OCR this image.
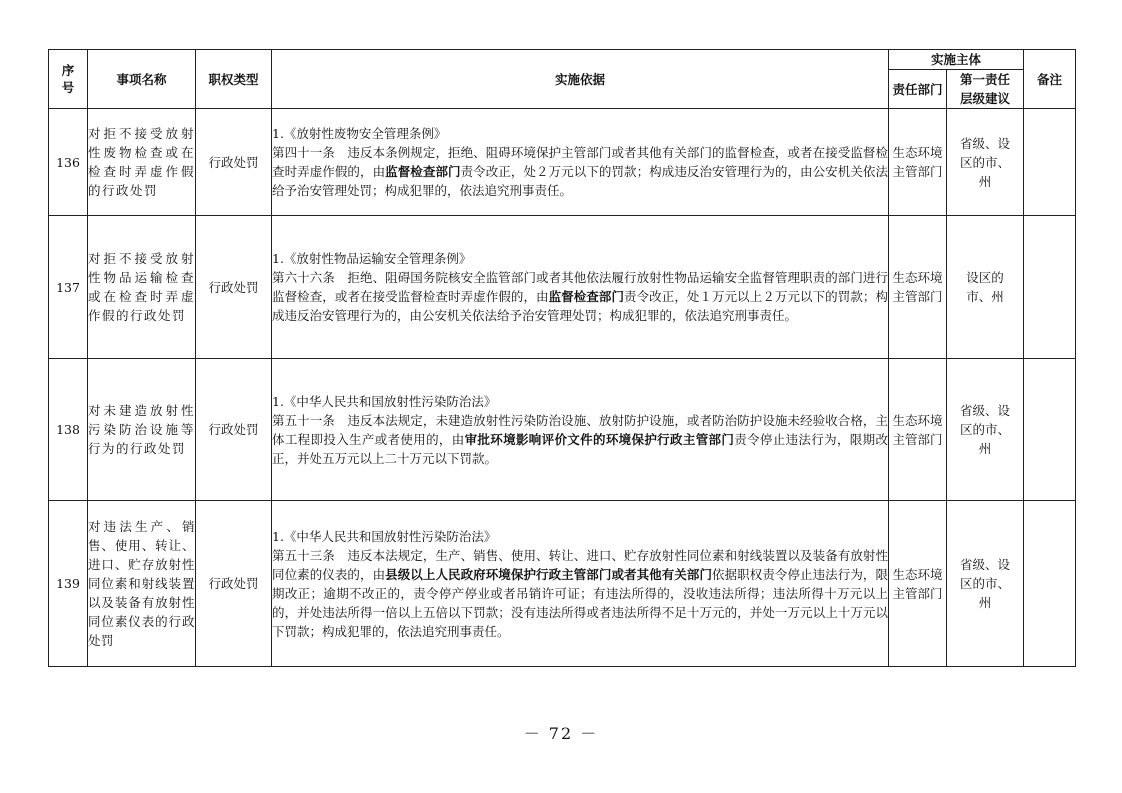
序号	事项名称	职权类型	实施依据	实施主体		备注
				责任部门	第一责任层级建议	
136	对拒不接受放射性废物检查或在检查时弄虚作假的行政处罚	行政处罚	1.《放射性废物安全管理条例》
第四十一条　违反本条例规定，拒绝、阻碍环境保护主管部门或者其他有关部门的监督检查，或者在接受监督检查时弄虚作假的，由监督检查部门责令改正，处２万元以下的罚款；构成违反治安管理行为的，由公安机关依法给予治安管理处罚；构成犯罪的，依法追究刑事责任。	生态环境主管部门	省级、设区的市、州	
137	对拒不接受放射性物品运输检查或在检查时弄虚作假的行政处罚	行政处罚	1.《放射性物品运输安全管理条例》
第六十六条　拒绝、阻碍国务院核安全监管部门或者其他依法履行放射性物品运输安全监督管理职责的部门进行监督检查，或者在接受监督检查时弄虚作假的，由监督检查部门责令改正，处１万元以上２万元以下的罚款；构成违反治安管理行为的，由公安机关依法给予治安管理处罚；构成犯罪的，依法追究刑事责任。	生态环境主管部门	设区的市、州	
138	对未建造放射性污染防治设施等行为的行政处罚	行政处罚	1.《中华人民共和国放射性污染防治法》
第五十一条　违反本法规定，未建造放射性污染防治设施、放射防护设施，或者防治防护设施未经验收合格，主体工程即投入生产或者使用的，由审批环境影响评价文件的环境保护行政主管部门责令停止违法行为，限期改正，并处五万元以上二十万元以下罚款。	生态环境主管部门	省级、设区的市、州	
139	对违法生产、销售、使用、转让、进口、贮存放射性同位素和射线装置以及装备有放射性同位素仪表的行政处罚	行政处罚	1.《中华人民共和国放射性污染防治法》
第五十三条　违反本法规定，生产、销售、使用、转让、进口、贮存放射性同位素和射线装置以及装备有放射性同位素的仪表的，由县级以上人民政府环境保护行政主管部门或者其他有关部门依据职权责令停止违法行为，限期改正；逾期不改正的，责令停产停业或者吊销许可证；有违法所得的，没收违法所得；违法所得十万元以上的，并处违法所得一倍以上五倍以下罚款；没有违法所得或者违法所得不足十万元的，并处一万元以上十万元以下罚款；构成犯罪的，依法追究刑事责任。	生态环境主管部门	省级、设区的市、州	
－ 72 －
